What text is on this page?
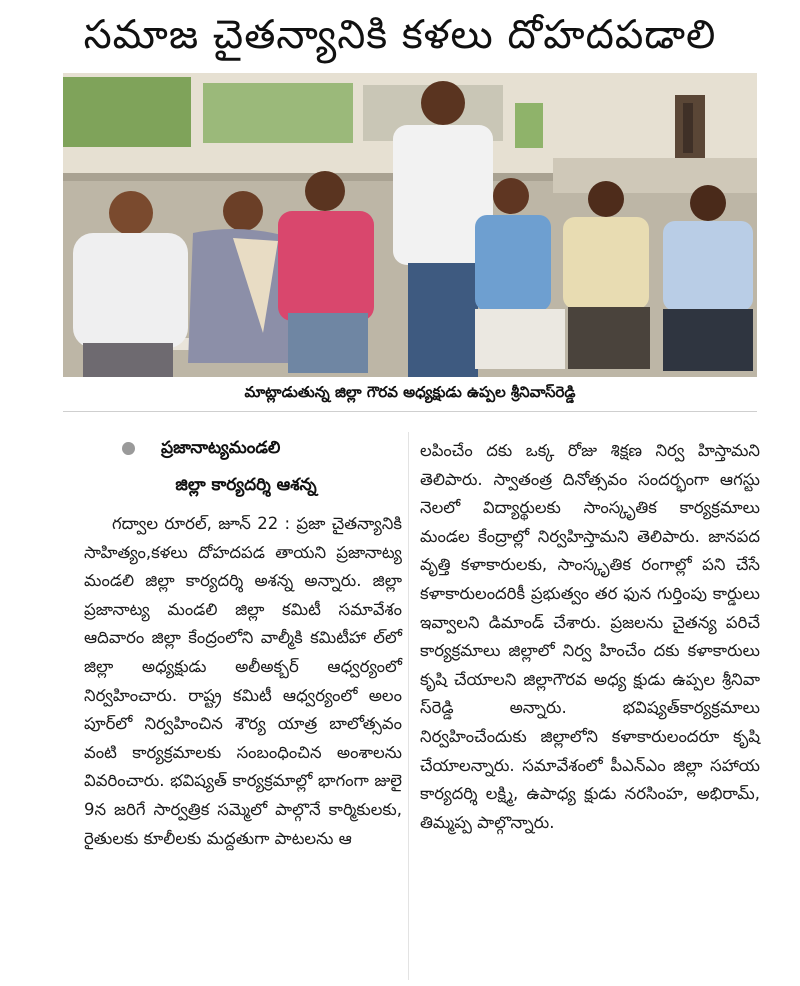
సమాజ చైతన్యానికి కళలు దోహదపడాలి
మాట్లాడుతున్న జిల్లా గౌరవ అధ్యక్షుడు ఉప్పల శ్రీనివాస్‌రెడ్డి
ప్రజానాట్యమండలి
జిల్లా కార్యదర్శి ఆశన్న

గద్వాల రూరల్, జూన్ 22 : ప్రజా చైతన్యానికి సాహిత్యం,కళలు దోహదపడ తాయని ప్రజానాట్య మండలి జిల్లా కార్యదర్శి అశన్న అన్నారు. జిల్లా ప్రజానాట్య మండలి జిల్లా కమిటీ సమావేశం ఆదివారం జిల్లా కేంద్రంలోని వాల్మీకి కమిటీహా ల్‌లో జిల్లా అధ్యక్షుడు అలీఅక్బర్ ఆధ్వర్యంలో నిర్వహించారు. రాష్ట్ర కమిటీ ఆధ్వర్యంలో అలం పూర్‌లో నిర్వహించిన శౌర్య యాత్ర బాలోత్సవం వంటి కార్యక్రమాలకు సంబంధించిన అంశాలను వివరించారు. భవిష్యత్ కార్యక్రమాల్లో భాగంగా జులై 9న జరిగే సార్వత్రిక సమ్మెలో పాల్గొనే కార్మికులకు, రైతులకు కూలీలకు మద్దతుగా పాటలను ఆ

లపించేం దకు ఒక్క రోజు శిక్షణ నిర్వ హిస్తామని తెలిపారు. స్వాతంత్ర దినోత్సవం సందర్భంగా ఆగస్టు నెలలో విద్యార్థులకు సాంస్కృతిక కార్యక్రమాలు మండల కేంద్రాల్లో నిర్వహిస్తామని తెలిపారు. జానపద వృత్తి కళాకారులకు, సాంస్కృతిక రంగాల్లో పని చేసే కళాకారులందరికీ ప్రభుత్వం తర ఫున గుర్తింపు కార్డులు ఇవ్వాలని డిమాండ్ చేశారు. ప్రజలను చైతన్య పరిచే కార్యక్రమాలు జిల్లాలో నిర్వ హించేం దకు కళాకారులు కృషి చేయాలని జిల్లాగౌరవ అధ్య క్షుడు ఉప్పల శ్రీనివా స్‌రెడ్డి అన్నారు. భవిష్యత్‌కార్యక్రమాలు నిర్వహించేందుకు జిల్లాలోని కళాకారులందరూ కృషి చేయాలన్నారు. సమావేశంలో పీఎన్ఎం జిల్లా సహాయ కార్యదర్శి లక్ష్మి, ఉపాధ్య క్షుడు నరసింహ, అభిరామ్, తిమ్మప్ప పాల్గొన్నారు.
